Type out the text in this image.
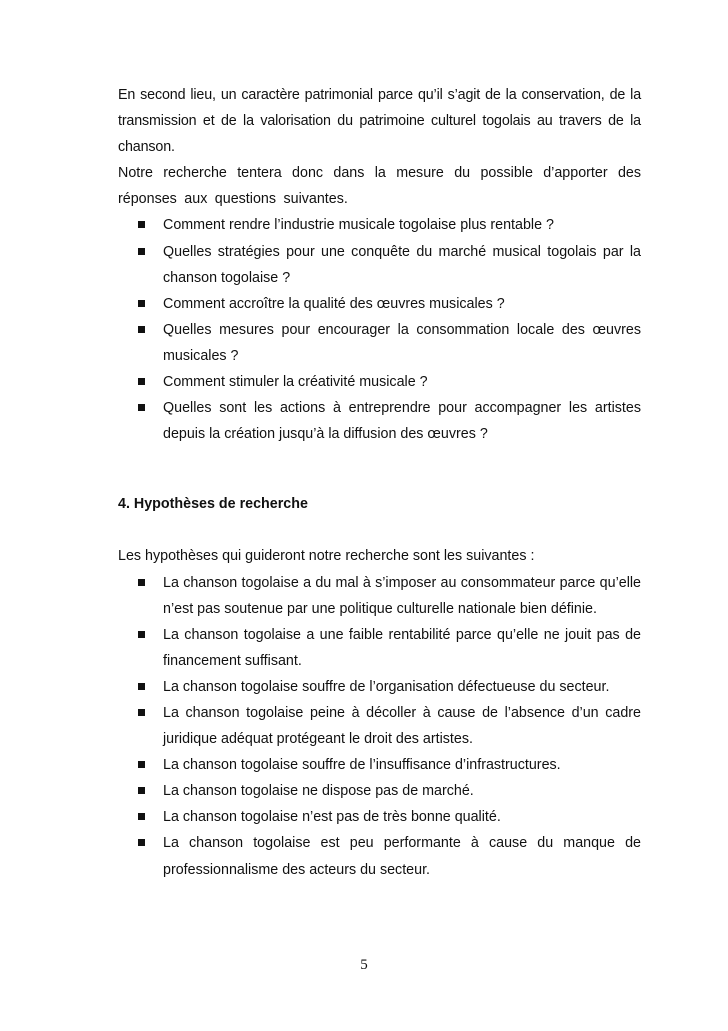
En second lieu, un caractère patrimonial parce qu’il s’agit de la conservation, de la transmission et de la valorisation du patrimoine culturel togolais au travers de la chanson.

Notre recherche tentera donc dans la mesure du possible d’apporter des réponses aux questions suivantes.

Comment rendre l’industrie musicale togolaise plus rentable ?
Quelles stratégies pour une conquête du marché musical togolais par la chanson togolaise ?
Comment accroître la qualité des œuvres musicales ?
Quelles mesures pour encourager la consommation locale des œuvres musicales ?
Comment stimuler la créativité musicale ?
Quelles sont les actions à entreprendre pour accompagner les artistes depuis la création jusqu’à la diffusion des œuvres ?
4. Hypothèses de recherche

Les hypothèses qui guideront notre recherche sont les suivantes :

La chanson togolaise a du mal à s’imposer au consommateur parce qu’elle n’est pas soutenue par une politique culturelle nationale bien définie.
La chanson togolaise a une faible rentabilité parce qu’elle ne jouit pas de financement suffisant.
La chanson togolaise souffre de l’organisation défectueuse du secteur.
La chanson togolaise peine à décoller à cause de l’absence d’un cadre juridique adéquat protégeant le droit des artistes.
La chanson togolaise souffre de l’insuffisance d’infrastructures.
La chanson togolaise ne dispose pas de marché.
La chanson togolaise n’est pas de très bonne qualité.
La chanson togolaise est peu performante à cause du manque de professionnalisme des acteurs du secteur.
5
